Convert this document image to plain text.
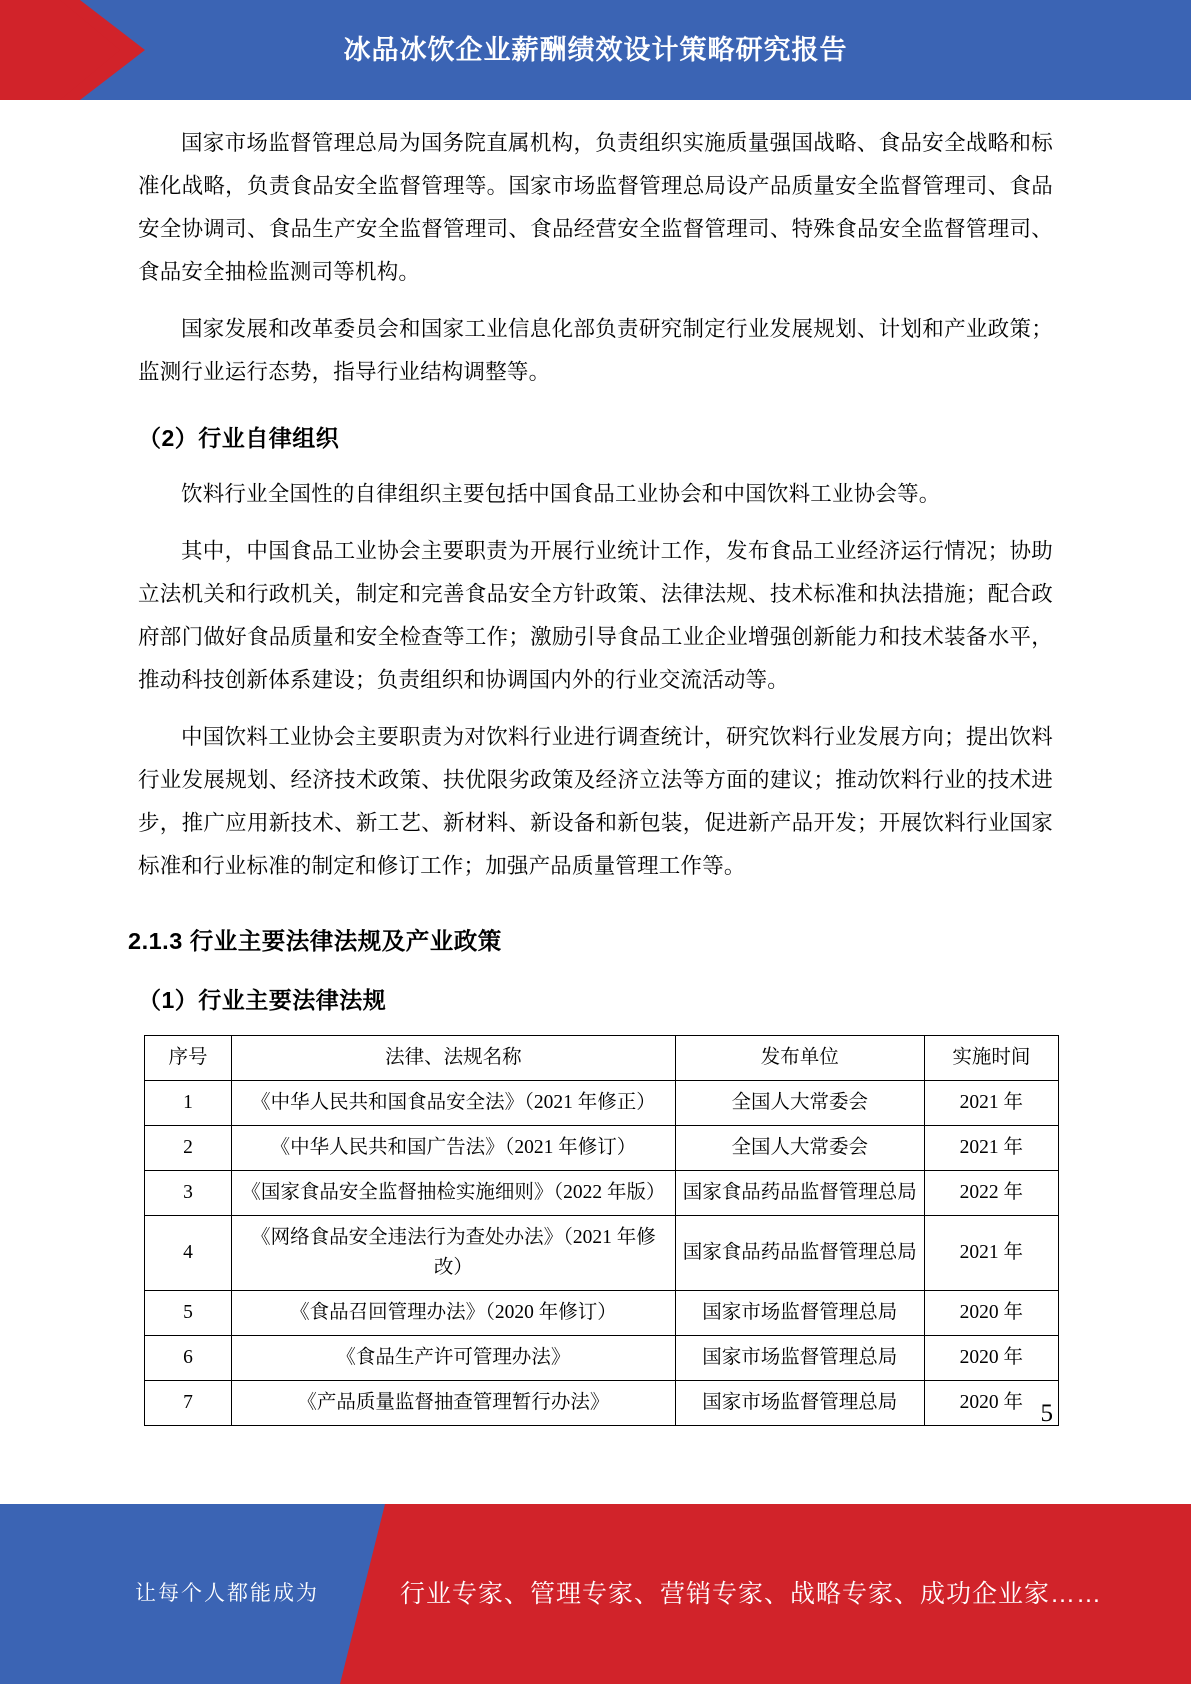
冰品冰饮企业薪酬绩效设计策略研究报告

国家市场监督管理总局为国务院直属机构，负责组织实施质量强国战略、食品安全战略和标准化战略，负责食品安全监督管理等。国家市场监督管理总局设产品质量安全监督管理司、食品安全协调司、食品生产安全监督管理司、食品经营安全监督管理司、特殊食品安全监督管理司、食品安全抽检监测司等机构。

国家发展和改革委员会和国家工业信息化部负责研究制定行业发展规划、计划和产业政策；监测行业运行态势，指导行业结构调整等。

（2）行业自律组织

饮料行业全国性的自律组织主要包括中国食品工业协会和中国饮料工业协会等。

其中，中国食品工业协会主要职责为开展行业统计工作，发布食品工业经济运行情况；协助立法机关和行政机关，制定和完善食品安全方针政策、法律法规、技术标准和执法措施；配合政府部门做好食品质量和安全检查等工作；激励引导食品工业企业增强创新能力和技术装备水平，推动科技创新体系建设；负责组织和协调国内外的行业交流活动等。

中国饮料工业协会主要职责为对饮料行业进行调查统计，研究饮料行业发展方向；提出饮料行业发展规划、经济技术政策、扶优限劣政策及经济立法等方面的建议；推动饮料行业的技术进步，推广应用新技术、新工艺、新材料、新设备和新包装，促进新产品开发；开展饮料行业国家标准和行业标准的制定和修订工作；加强产品质量管理工作等。

2.1.3 行业主要法律法规及产业政策
（1）行业主要法律法规
序号	法律、法规名称	发布单位	实施时间
1	《中华人民共和国食品安全法》（2021 年修正）	全国人大常委会	2021 年
2	《中华人民共和国广告法》（2021 年修订）	全国人大常委会	2021 年
3	《国家食品安全监督抽检实施细则》（2022 年版）	国家食品药品监督管理总局	2022 年
4	《网络食品安全违法行为查处办法》（2021 年修改）	国家食品药品监督管理总局	2021 年
5	《食品召回管理办法》（2020 年修订）	国家市场监督管理总局	2020 年
6	《食品生产许可管理办法》	国家市场监督管理总局	2020 年
7	《产品质量监督抽查管理暂行办法》	国家市场监督管理总局	2020 年 5
让每个人都能成为	行业专家、管理专家、营销专家、战略专家、成功企业家……
